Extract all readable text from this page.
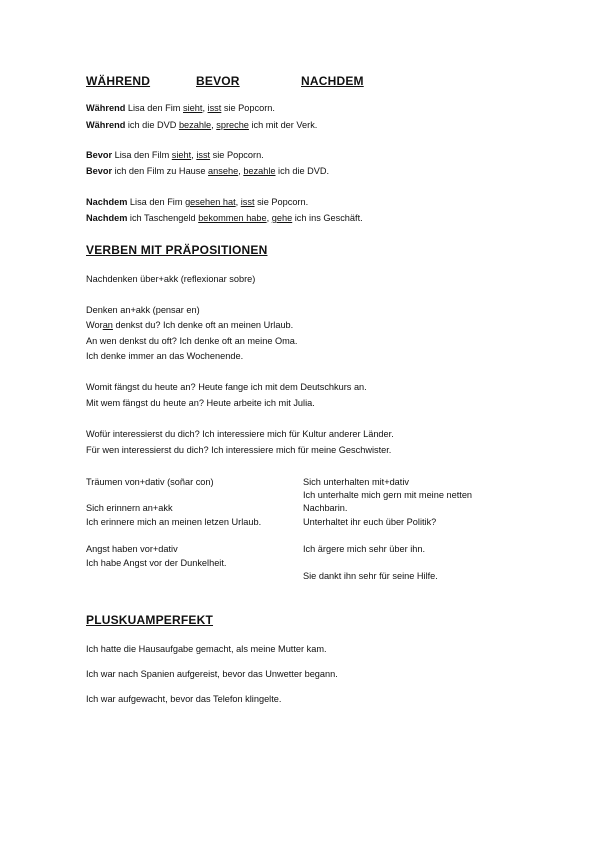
WÄHREND	BEVOR	NACHDEM
Während Lisa den Fim sieht, isst sie Popcorn.
Während ich die DVD bezahle, spreche ich mit der Verk.
Bevor Lisa den Film sieht, isst sie Popcorn.
Bevor ich den Film zu Hause ansehe, bezahle ich die DVD.
Nachdem Lisa den Fim gesehen hat, isst sie Popcorn.
Nachdem ich Taschengeld bekommen habe, gehe ich ins Geschäft.
VERBEN MIT PRÄPOSITIONEN
Nachdenken über+akk (reflexionar sobre)
Denken an+akk (pensar en)
Woran denkst du? Ich denke oft an meinen Urlaub.
An wen denkst du oft? Ich denke oft an meine Oma.
Ich denke immer an das Wochenende.
Womit fängst du heute an? Heute fange ich mit dem Deutschkurs an.
Mit wem fängst du heute an? Heute arbeite ich mit Julia.
Wofür interessierst du dich? Ich interessiere mich für Kultur anderer Länder.
Für wen interessierst du dich? Ich interessiere mich für meine Geschwister.
Träumen von+dativ (soñar con)
Sich erinnern an+akk
Ich erinnere mich an meinen letzen Urlaub.
Angst haben vor+dativ
Ich habe Angst vor der Dunkelheit.
Sich unterhalten mit+dativ
Ich unterhalte mich gern mit meine netten
Nachbarin.
Unterhaltet ihr euch über Politik?
Ich ärgere mich sehr über ihn.
Sie dankt ihn sehr für seine Hilfe.
PLUSKUAMPERFEKT
Ich hatte die Hausaufgabe gemacht, als meine Mutter kam.
Ich war nach Spanien aufgereist, bevor das Unwetter begann.
Ich war aufgewacht, bevor das Telefon klingelte.
